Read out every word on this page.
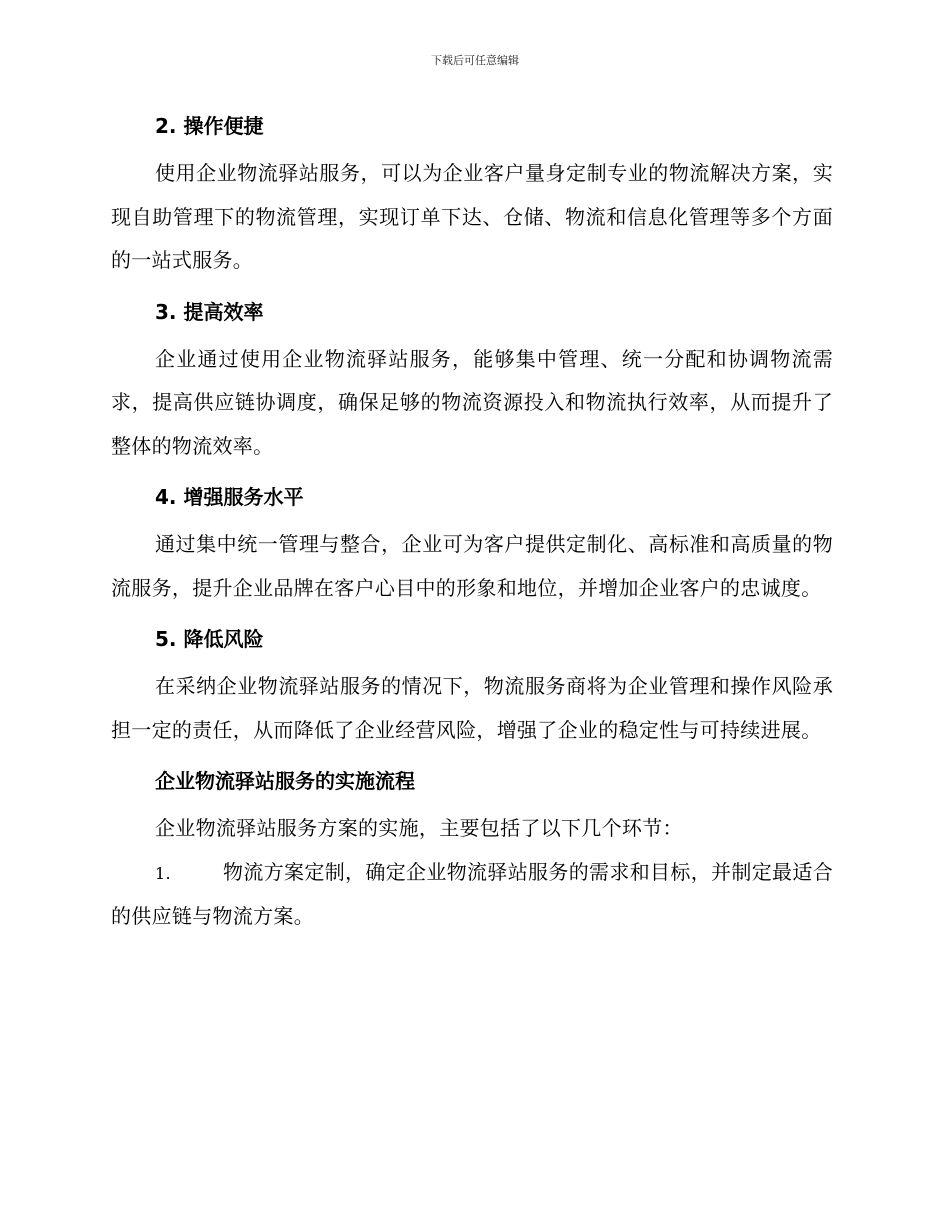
下载后可任意编辑
2. 操作便捷

使用企业物流驿站服务，可以为企业客户量身定制专业的物流解决方案，实现自助管理下的物流管理，实现订单下达、仓储、物流和信息化管理等多个方面的一站式服务。

3. 提高效率

企业通过使用企业物流驿站服务，能够集中管理、统一分配和协调物流需求，提高供应链协调度，确保足够的物流资源投入和物流执行效率，从而提升了整体的物流效率。

4. 增强服务水平

通过集中统一管理与整合，企业可为客户提供定制化、高标准和高质量的物流服务，提升企业品牌在客户心目中的形象和地位，并增加企业客户的忠诚度。

5. 降低风险

在采纳企业物流驿站服务的情况下，物流服务商将为企业管理和操作风险承担一定的责任，从而降低了企业经营风险，增强了企业的稳定性与可持续进展。

企业物流驿站服务的实施流程

企业物流驿站服务方案的实施，主要包括了以下几个环节：

1.	物流方案定制，确定企业物流驿站服务的需求和目标，并制定最适合的供应链与物流方案。
